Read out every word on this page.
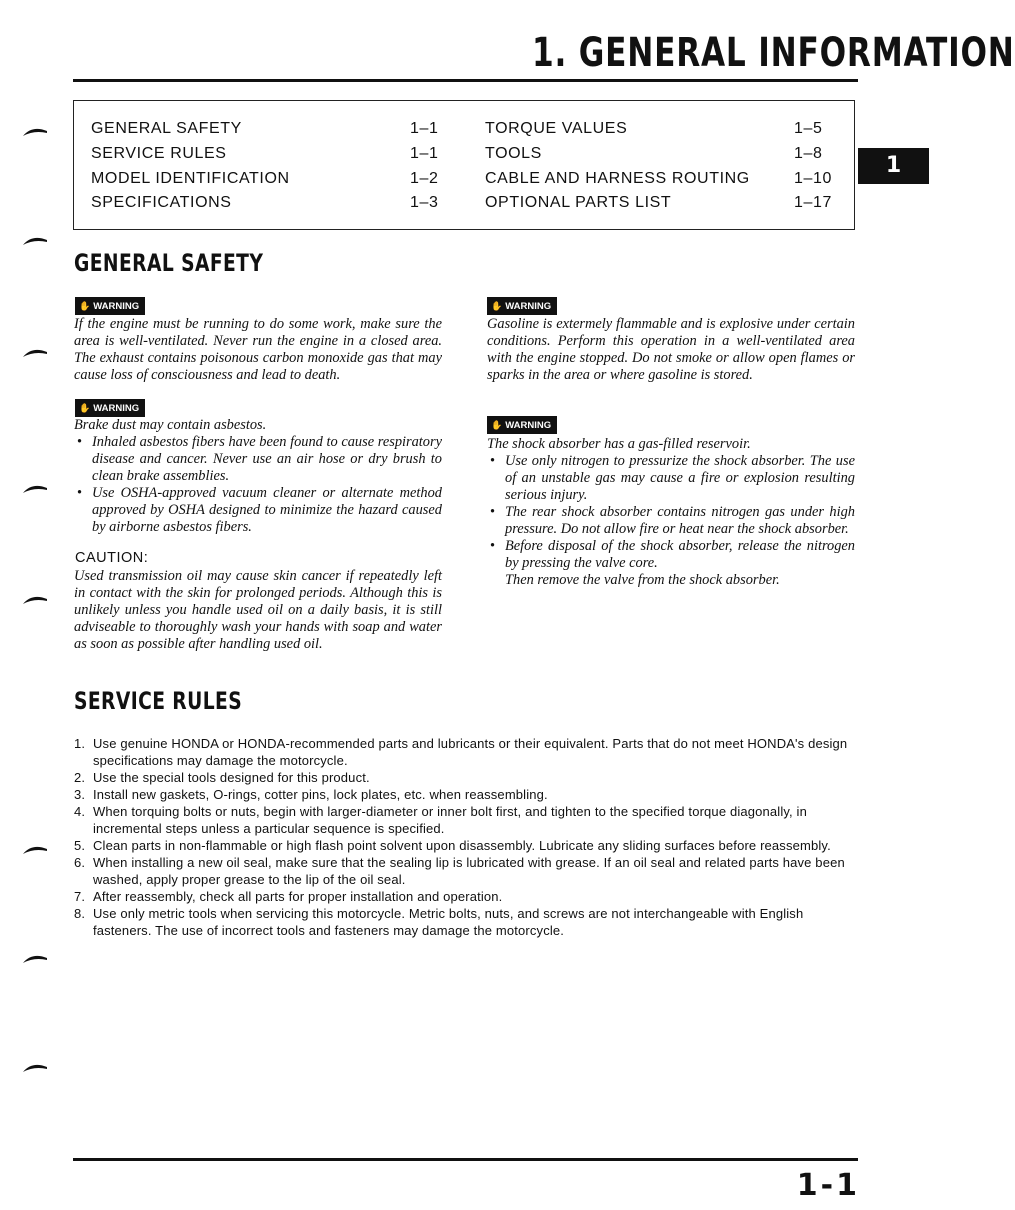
1. GENERAL INFORMATION
GENERAL SAFETY	1–1
SERVICE RULES	1–1
MODEL IDENTIFICATION	1–2
SPECIFICATIONS	1–3
TORQUE VALUES	1–5
TOOLS	1–8
CABLE AND HARNESS ROUTING	1–10
OPTIONAL PARTS LIST	1–17
1
GENERAL SAFETY
✋ WARNING

If the engine must be running to do some work, make sure the area is well-ventilated. Never run the engine in a closed area. The exhaust contains poisonous carbon monoxide gas that may cause loss of consciousness and lead to death.

✋ WARNING

Brake dust may contain asbestos.

• Inhaled asbestos fibers have been found to cause respiratory disease and cancer. Never use an air hose or dry brush to clean brake assemblies.

• Use OSHA-approved vacuum cleaner or alternate method approved by OSHA designed to minimize the hazard caused by airborne asbestos fibers.

CAUTION:

Used transmission oil may cause skin cancer if repeatedly left in contact with the skin for prolonged periods. Although this is unlikely unless you handle used oil on a daily basis, it is still adviseable to thoroughly wash your hands with soap and water as soon as possible after handling used oil.

✋ WARNING

Gasoline is extermely flammable and is explosive under certain conditions. Perform this operation in a well-ventilated area with the engine stopped. Do not smoke or allow open flames or sparks in the area or where gasoline is stored.

✋ WARNING

The shock absorber has a gas-filled reservoir.

• Use only nitrogen to pressurize the shock absorber. The use of an unstable gas may cause a fire or explosion resulting serious injury.

• The rear shock absorber contains nitrogen gas under high pressure. Do not allow fire or heat near the shock absorber.

• Before disposal of the shock absorber, release the nitrogen by pressing the valve core.

Then remove the valve from the shock absorber.

SERVICE RULES
1. Use genuine HONDA or HONDA-recommended parts and lubricants or their equivalent. Parts that do not meet HONDA's design specifications may damage the motorcycle.
2. Use the special tools designed for this product.
3. Install new gaskets, O-rings, cotter pins, lock plates, etc. when reassembling.
4. When torquing bolts or nuts, begin with larger-diameter or inner bolt first, and tighten to the specified torque diagonally, in incremental steps unless a particular sequence is specified.
5. Clean parts in non-flammable or high flash point solvent upon disassembly. Lubricate any sliding surfaces before reassembly.
6. When installing a new oil seal, make sure that the sealing lip is lubricated with grease. If an oil seal and related parts have been washed, apply proper grease to the lip of the oil seal.
7. After reassembly, check all parts for proper installation and operation.
8. Use only metric tools when servicing this motorcycle. Metric bolts, nuts, and screws are not interchangeable with English fasteners. The use of incorrect tools and fasteners may damage the motorcycle.
1-1
